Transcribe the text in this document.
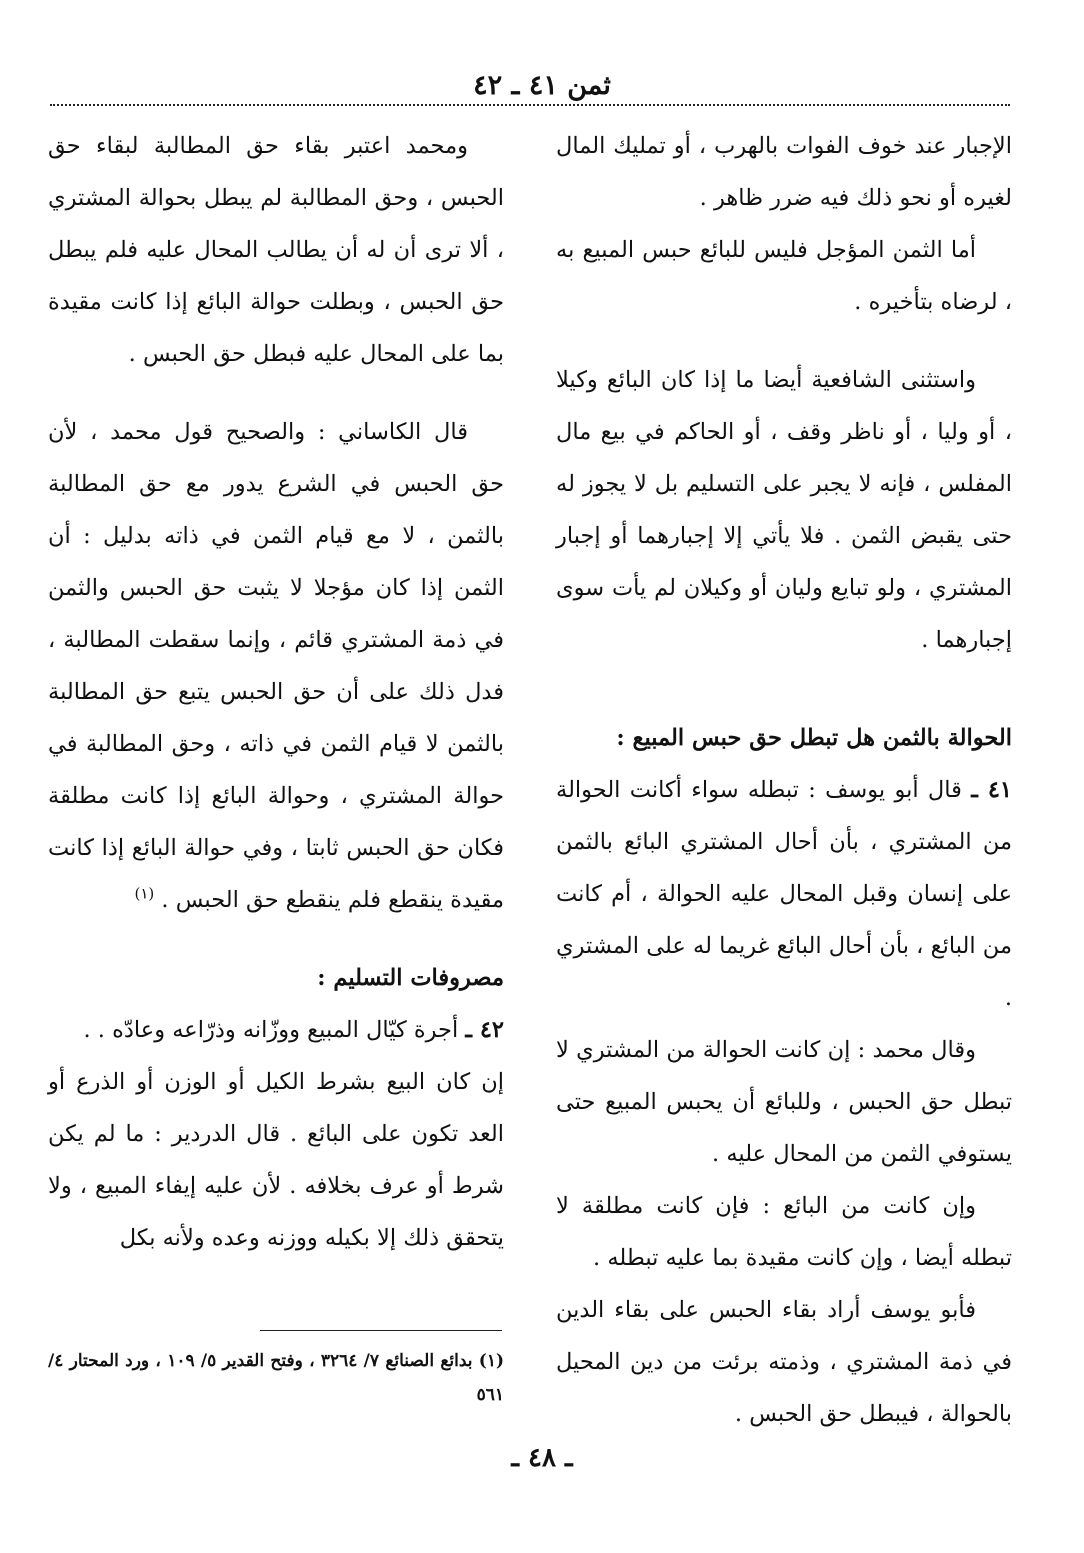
ثمن ٤١ ـ ٤٢

الإجبار عند خوف الفوات بالهرب ، أو تمليك المال لغيره أو نحو ذلك فيه ضرر ظاهر .

أما الثمن المؤجل فليس للبائع حبس المبيع به ، لرضاه بتأخيره .

واستثنى الشافعية أيضا ما إذا كان البائع وكيلا ، أو وليا ، أو ناظر وقف ، أو الحاكم في بيع مال المفلس ، فإنه لا يجبر على التسليم بل لا يجوز له حتى يقبض الثمن . فلا يأتي إلا إجبارهما أو إجبار المشتري ، ولو تبايع وليان أو وكيلان لم يأت سوى إجبارهما .

الحوالة بالثمن هل تبطل حق حبس المبيع :

٤١ ـ قال أبو يوسف : تبطله سواء أكانت الحوالة من المشتري ، بأن أحال المشتري البائع بالثمن على إنسان وقبل المحال عليه الحوالة ، أم كانت من البائع ، بأن أحال البائع غريما له على المشتري .

وقال محمد : إن كانت الحوالة من المشتري لا تبطل حق الحبس ، وللبائع أن يحبس المبيع حتى يستوفي الثمن من المحال عليه .

وإن كانت من البائع : فإن كانت مطلقة لا تبطله أيضا ، وإن كانت مقيدة بما عليه تبطله .

فأبو يوسف أراد بقاء الحبس على بقاء الدين في ذمة المشتري ، وذمته برئت من دين المحيل بالحوالة ، فيبطل حق الحبس .

ومحمد اعتبر بقاء حق المطالبة لبقاء حق الحبس ، وحق المطالبة لم يبطل بحوالة المشتري ، ألا ترى أن له أن يطالب المحال عليه فلم يبطل حق الحبس ، وبطلت حوالة البائع إذا كانت مقيدة بما على المحال عليه فبطل حق الحبس .

قال الكاساني : والصحيح قول محمد ، لأن حق الحبس في الشرع يدور مع حق المطالبة بالثمن ، لا مع قيام الثمن في ذاته بدليل : أن الثمن إذا كان مؤجلا لا يثبت حق الحبس والثمن في ذمة المشتري قائم ، وإنما سقطت المطالبة ، فدل ذلك على أن حق الحبس يتبع حق المطالبة بالثمن لا قيام الثمن في ذاته ، وحق المطالبة في حوالة المشتري ، وحوالة البائع إذا كانت مطلقة فكان حق الحبس ثابتا ، وفي حوالة البائع إذا كانت مقيدة ينقطع فلم ينقطع حق الحبس . $^{(١)}$

مصروفات التسليم :

٤٢ ـ أجرة كيّال المبيع ووزّانه وذرّاعه وعادّه . .

إن كان البيع بشرط الكيل أو الوزن أو الذرع أو العد تكون على البائع . قال الدردير : ما لم يكن شرط أو عرف بخلافه . لأن عليه إيفاء المبيع ، ولا يتحقق ذلك إلا بكيله ووزنه وعده ولأنه بكل

(١) بدائع الصنائع ٧/ ٣٢٦٤ ، وفتح القدير ٥/ ١٠٩ ، ورد المحتار ٤/ ٥٦١
ـ ٤٨ ـ
